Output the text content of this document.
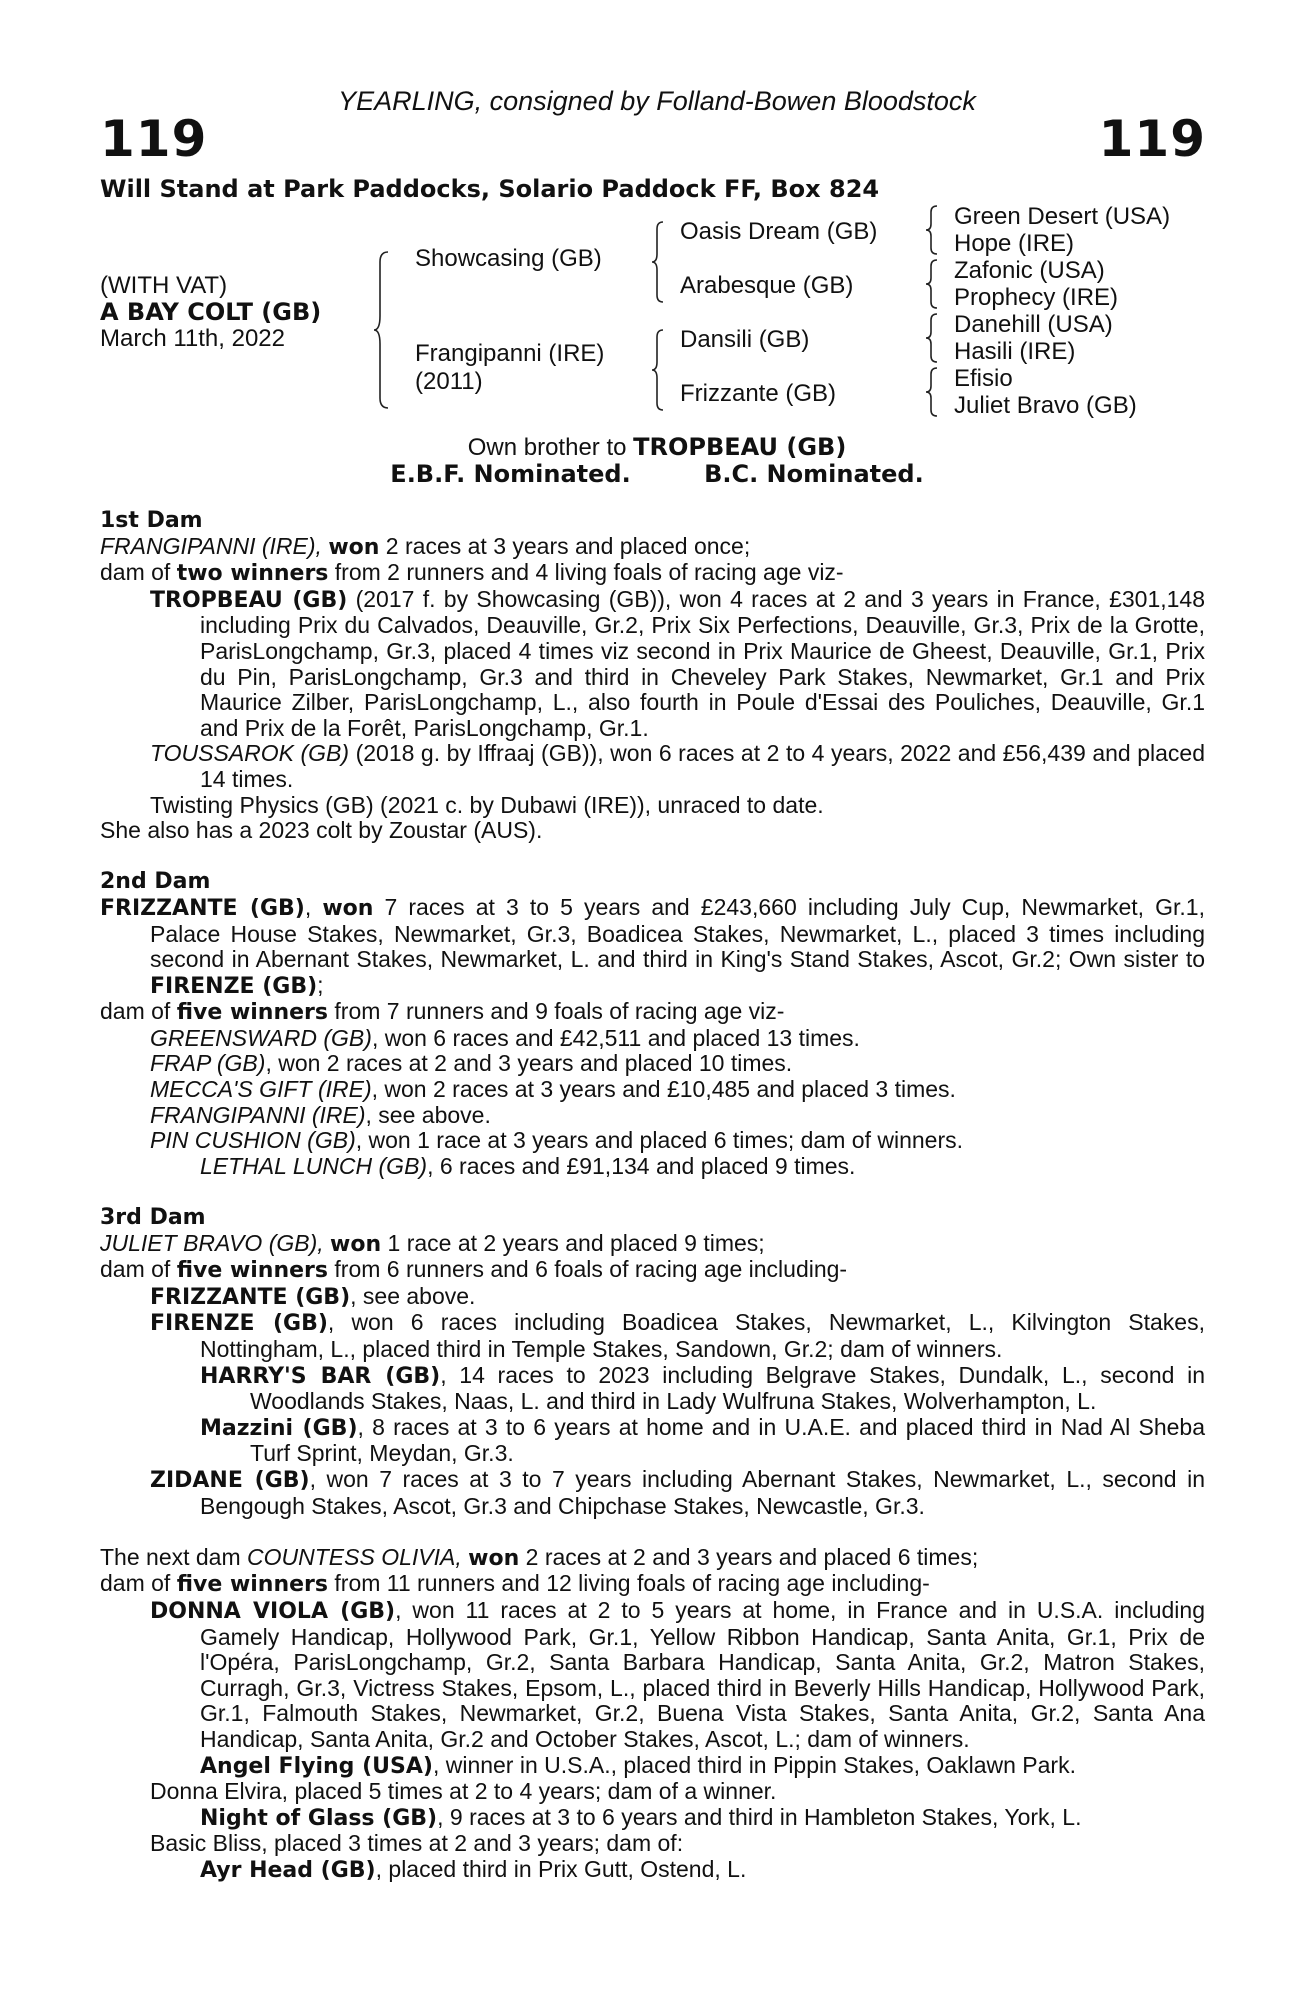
YEARLING, consigned by Folland-Bowen Bloodstock
119	119
Will Stand at Park Paddocks, Solario Paddock FF, Box 824
(WITH VAT)
A BAY COLT (GB)
March 11th, 2022
Showcasing (GB)
Frangipanni (IRE)
(2011)
Oasis Dream (GB)
Arabesque (GB)
Dansili (GB)
Frizzante (GB)
Green Desert (USA)
Hope (IRE)
Zafonic (USA)
Prophecy (IRE)
Danehill (USA)
Hasili (IRE)
Efisio
Juliet Bravo (GB)
Own brother to TROPBEAU (GB)
E.B.F. Nominated.	B.C. Nominated.

1st Dam

FRANGIPANNI (IRE), won 2 races at 3 years and placed once;

dam of two winners from 2 runners and 4 living foals of racing age viz-

TROPBEAU (GB) (2017 f. by Showcasing (GB)), won 4 races at 2 and 3 years in France, £301,148 including Prix du Calvados, Deauville, Gr.2, Prix Six Perfections, Deauville, Gr.3, Prix de la Grotte, ParisLongchamp, Gr.3, placed 4 times viz second in Prix Maurice de Gheest, Deauville, Gr.1, Prix du Pin, ParisLongchamp, Gr.3 and third in Cheveley Park Stakes, Newmarket, Gr.1 and Prix Maurice Zilber, ParisLongchamp, L., also fourth in Poule d'Essai des Pouliches, Deauville, Gr.1 and Prix de la Forêt, ParisLongchamp, Gr.1.

TOUSSAROK (GB) (2018 g. by Iffraaj (GB)), won 6 races at 2 to 4 years, 2022 and £56,439 and placed 14 times.

Twisting Physics (GB) (2021 c. by Dubawi (IRE)), unraced to date.

She also has a 2023 colt by Zoustar (AUS).

2nd Dam

FRIZZANTE (GB), won 7 races at 3 to 5 years and £243,660 including July Cup, Newmarket, Gr.1, Palace House Stakes, Newmarket, Gr.3, Boadicea Stakes, Newmarket, L., placed 3 times including second in Abernant Stakes, Newmarket, L. and third in King's Stand Stakes, Ascot, Gr.2; Own sister to FIRENZE (GB);

dam of five winners from 7 runners and 9 foals of racing age viz-

GREENSWARD (GB), won 6 races and £42,511 and placed 13 times.

FRAP (GB), won 2 races at 2 and 3 years and placed 10 times.

MECCA'S GIFT (IRE), won 2 races at 3 years and £10,485 and placed 3 times.

FRANGIPANNI (IRE), see above.

PIN CUSHION (GB), won 1 race at 3 years and placed 6 times; dam of winners.

LETHAL LUNCH (GB), 6 races and £91,134 and placed 9 times.

3rd Dam

JULIET BRAVO (GB), won 1 race at 2 years and placed 9 times;

dam of five winners from 6 runners and 6 foals of racing age including-

FRIZZANTE (GB), see above.

FIRENZE (GB), won 6 races including Boadicea Stakes, Newmarket, L., Kilvington Stakes, Nottingham, L., placed third in Temple Stakes, Sandown, Gr.2; dam of winners.

HARRY'S BAR (GB), 14 races to 2023 including Belgrave Stakes, Dundalk, L., second in Woodlands Stakes, Naas, L. and third in Lady Wulfruna Stakes, Wolverhampton, L.

Mazzini (GB), 8 races at 3 to 6 years at home and in U.A.E. and placed third in Nad Al Sheba Turf Sprint, Meydan, Gr.3.

ZIDANE (GB), won 7 races at 3 to 7 years including Abernant Stakes, Newmarket, L., second in Bengough Stakes, Ascot, Gr.3 and Chipchase Stakes, Newcastle, Gr.3.

The next dam COUNTESS OLIVIA, won 2 races at 2 and 3 years and placed 6 times;

dam of five winners from 11 runners and 12 living foals of racing age including-

DONNA VIOLA (GB), won 11 races at 2 to 5 years at home, in France and in U.S.A. including Gamely Handicap, Hollywood Park, Gr.1, Yellow Ribbon Handicap, Santa Anita, Gr.1, Prix de l'Opéra, ParisLongchamp, Gr.2, Santa Barbara Handicap, Santa Anita, Gr.2, Matron Stakes, Curragh, Gr.3, Victress Stakes, Epsom, L., placed third in Beverly Hills Handicap, Hollywood Park, Gr.1, Falmouth Stakes, Newmarket, Gr.2, Buena Vista Stakes, Santa Anita, Gr.2, Santa Ana Handicap, Santa Anita, Gr.2 and October Stakes, Ascot, L.; dam of winners.

Angel Flying (USA), winner in U.S.A., placed third in Pippin Stakes, Oaklawn Park.

Donna Elvira, placed 5 times at 2 to 4 years; dam of a winner.

Night of Glass (GB), 9 races at 3 to 6 years and third in Hambleton Stakes, York, L.

Basic Bliss, placed 3 times at 2 and 3 years; dam of:

Ayr Head (GB), placed third in Prix Gutt, Ostend, L.
